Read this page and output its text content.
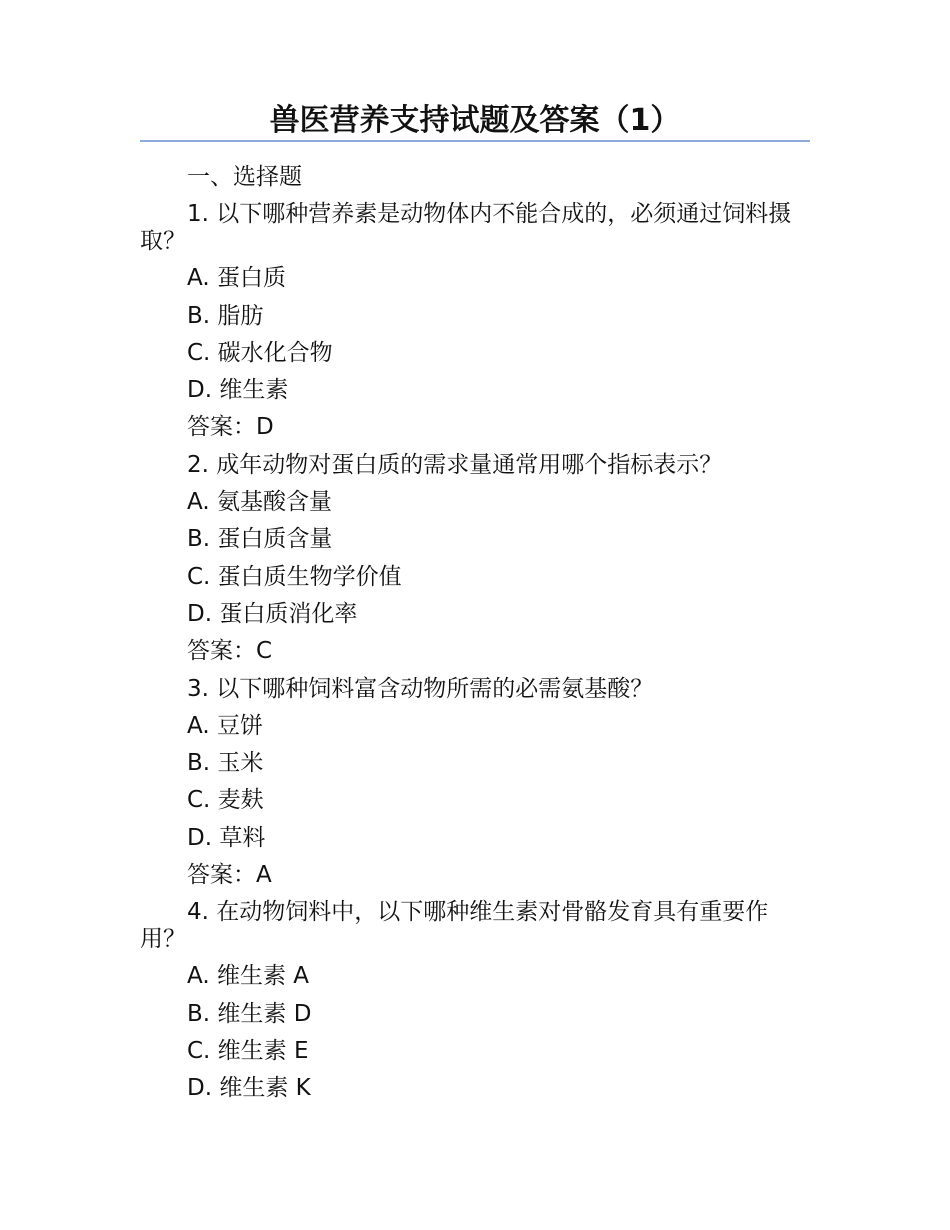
兽医营养支持试题及答案（1）

一、选择题

1. 以下哪种营养素是动物体内不能合成的，必须通过饲料摄取？

A. 蛋白质

B. 脂肪

C. 碳水化合物

D. 维生素

答案：D

2. 成年动物对蛋白质的需求量通常用哪个指标表示？

A. 氨基酸含量

B. 蛋白质含量

C. 蛋白质生物学价值

D. 蛋白质消化率

答案：C

3. 以下哪种饲料富含动物所需的必需氨基酸？

A. 豆饼

B. 玉米

C. 麦麸

D. 草料

答案：A

4. 在动物饲料中，以下哪种维生素对骨骼发育具有重要作用？

A. 维生素 A

B. 维生素 D

C. 维生素 E

D. 维生素 K
